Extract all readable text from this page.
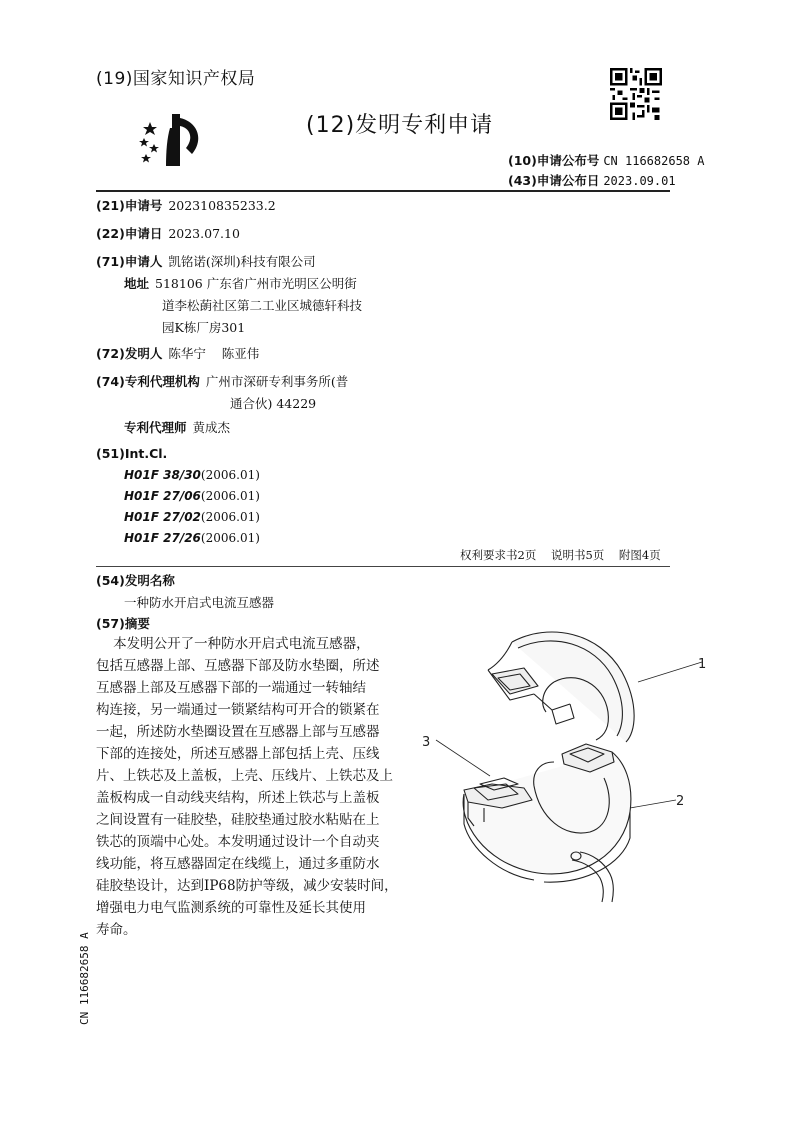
(19)国家知识产权局
(12)发明专利申请
(10)申请公布号 CN 116682658 A
(43)申请公布日 2023.09.01
(21)申请号 202310835233.2
(22)申请日 2023.07.10
(71)申请人 凯铭诺(深圳)科技有限公司
地址 518106 广东省广州市光明区公明街
道李松蓢社区第二工业区城德轩科技
园K栋厂房301
(72)发明人 陈华宁    陈亚伟
(74)专利代理机构 广州市深研专利事务所(普
通合伙) 44229
专利代理师 黄成杰
(51)Int.Cl.
H01F 38/30(2006.01)
H01F 27/06(2006.01)
H01F 27/02(2006.01)
H01F 27/26(2006.01)
权利要求书2页    说明书5页    附图4页
(54)发明名称
一种防水开启式电流互感器
(57)摘要
本发明公开了一种防水开启式电流互感器，
包括互感器上部、互感器下部及防水垫圈，所述
互感器上部及互感器下部的一端通过一转轴结
构连接，另一端通过一锁紧结构可开合的锁紧在
一起，所述防水垫圈设置在互感器上部与互感器
下部的连接处，所述互感器上部包括上壳、压线
片、上铁芯及上盖板，上壳、压线片、上铁芯及上
盖板构成一自动线夹结构，所述上铁芯与上盖板
之间设置有一硅胶垫，硅胶垫通过胶水粘贴在上
铁芯的顶端中心处。本发明通过设计一个自动夹
线功能，将互感器固定在线缆上，通过多重防水
硅胶垫设计，达到IP68防护等级，减少安装时间，
增强电力电气监测系统的可靠性及延长其使用
寿命。
CN 116682658 A
1
2
3
